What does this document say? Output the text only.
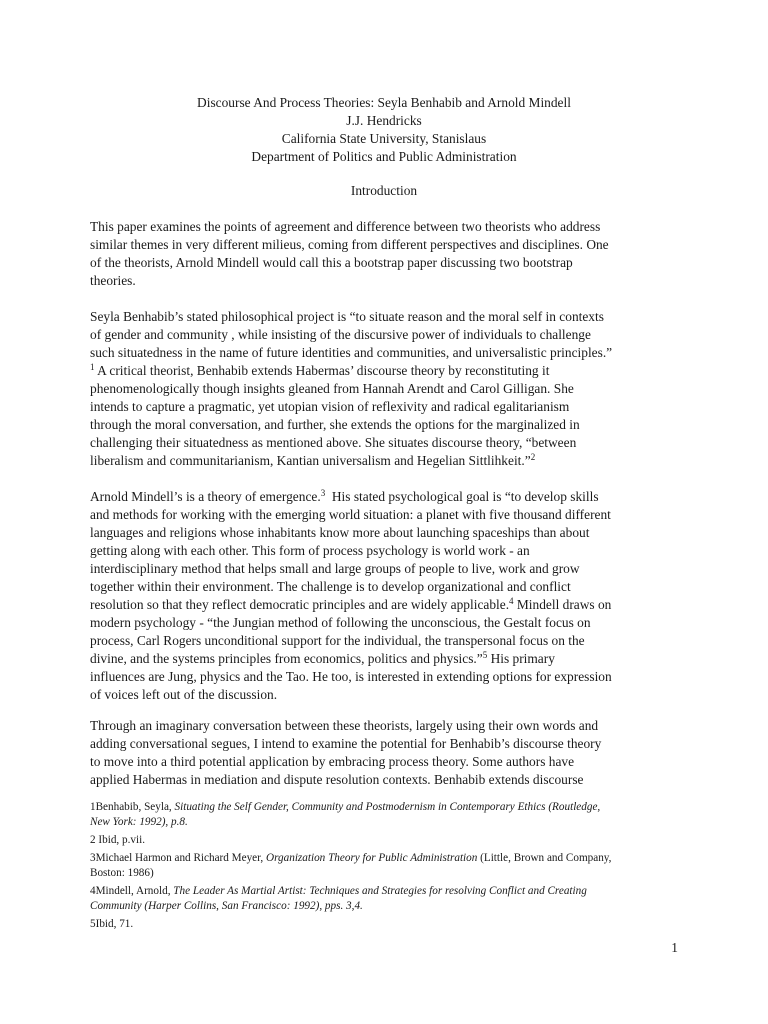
Discourse And Process Theories: Seyla Benhabib and Arnold Mindell
J.J. Hendricks
California State University, Stanislaus
Department of Politics and Public Administration
Introduction
This paper examines the points of agreement and difference between two theorists who address
similar themes in very different milieus, coming from different perspectives and disciplines. One
of the theorists, Arnold Mindell would call this a bootstrap paper discussing two bootstrap
theories.
Seyla Benhabib’s stated philosophical project is “to situate reason and the moral self in contexts
of gender and community , while insisting of the discursive power of individuals to challenge
such situatedness in the name of future identities and communities, and universalistic principles.”
$^1$ A critical theorist, Benhabib extends Habermas’ discourse theory by reconstituting it
phenomenologically though insights gleaned from Hannah Arendt and Carol Gilligan. She
intends to capture a pragmatic, yet utopian vision of reflexivity and radical egalitarianism
through the moral conversation, and further, she extends the options for the marginalized in
challenging their situatedness as mentioned above. She situates discourse theory, “between
liberalism and communitarianism, Kantian universalism and Hegelian Sittlihkeit.”$^2$
Arnold Mindell’s is a theory of emergence.$^3$  His stated psychological goal is “to develop skills
and methods for working with the emerging world situation: a planet with five thousand different
languages and religions whose inhabitants know more about launching spaceships than about
getting along with each other. This form of process psychology is world work - an
interdisciplinary method that helps small and large groups of people to live, work and grow
together within their environment. The challenge is to develop organizational and conflict
resolution so that they reflect democratic principles and are widely applicable.$^4$ Mindell draws on
modern psychology - “the Jungian method of following the unconscious, the Gestalt focus on
process, Carl Rogers unconditional support for the individual, the transpersonal focus on the
divine, and the systems principles from economics, politics and physics.”$^5$ His primary
influences are Jung, physics and the Tao. He too, is interested in extending options for expression
of voices left out of the discussion.
Through an imaginary conversation between these theorists, largely using their own words and
adding conversational segues, I intend to examine the potential for Benhabib’s discourse theory
to move into a third potential application by embracing process theory. Some authors have
applied Habermas in mediation and dispute resolution contexts. Benhabib extends discourse
1Benhabib, Seyla, Situating the Self Gender, Community and Postmodernism in Contemporary Ethics (Routledge,
New York: 1992), p.8.
2 Ibid, p.vii.
3Michael Harmon and Richard Meyer, Organization Theory for Public Administration (Little, Brown and Company,
Boston: 1986)
4Mindell, Arnold, The Leader As Martial Artist: Techniques and Strategies for resolving Conflict and Creating
Community (Harper Collins, San Francisco: 1992), pps. 3,4.
5Ibid, 71.
1
